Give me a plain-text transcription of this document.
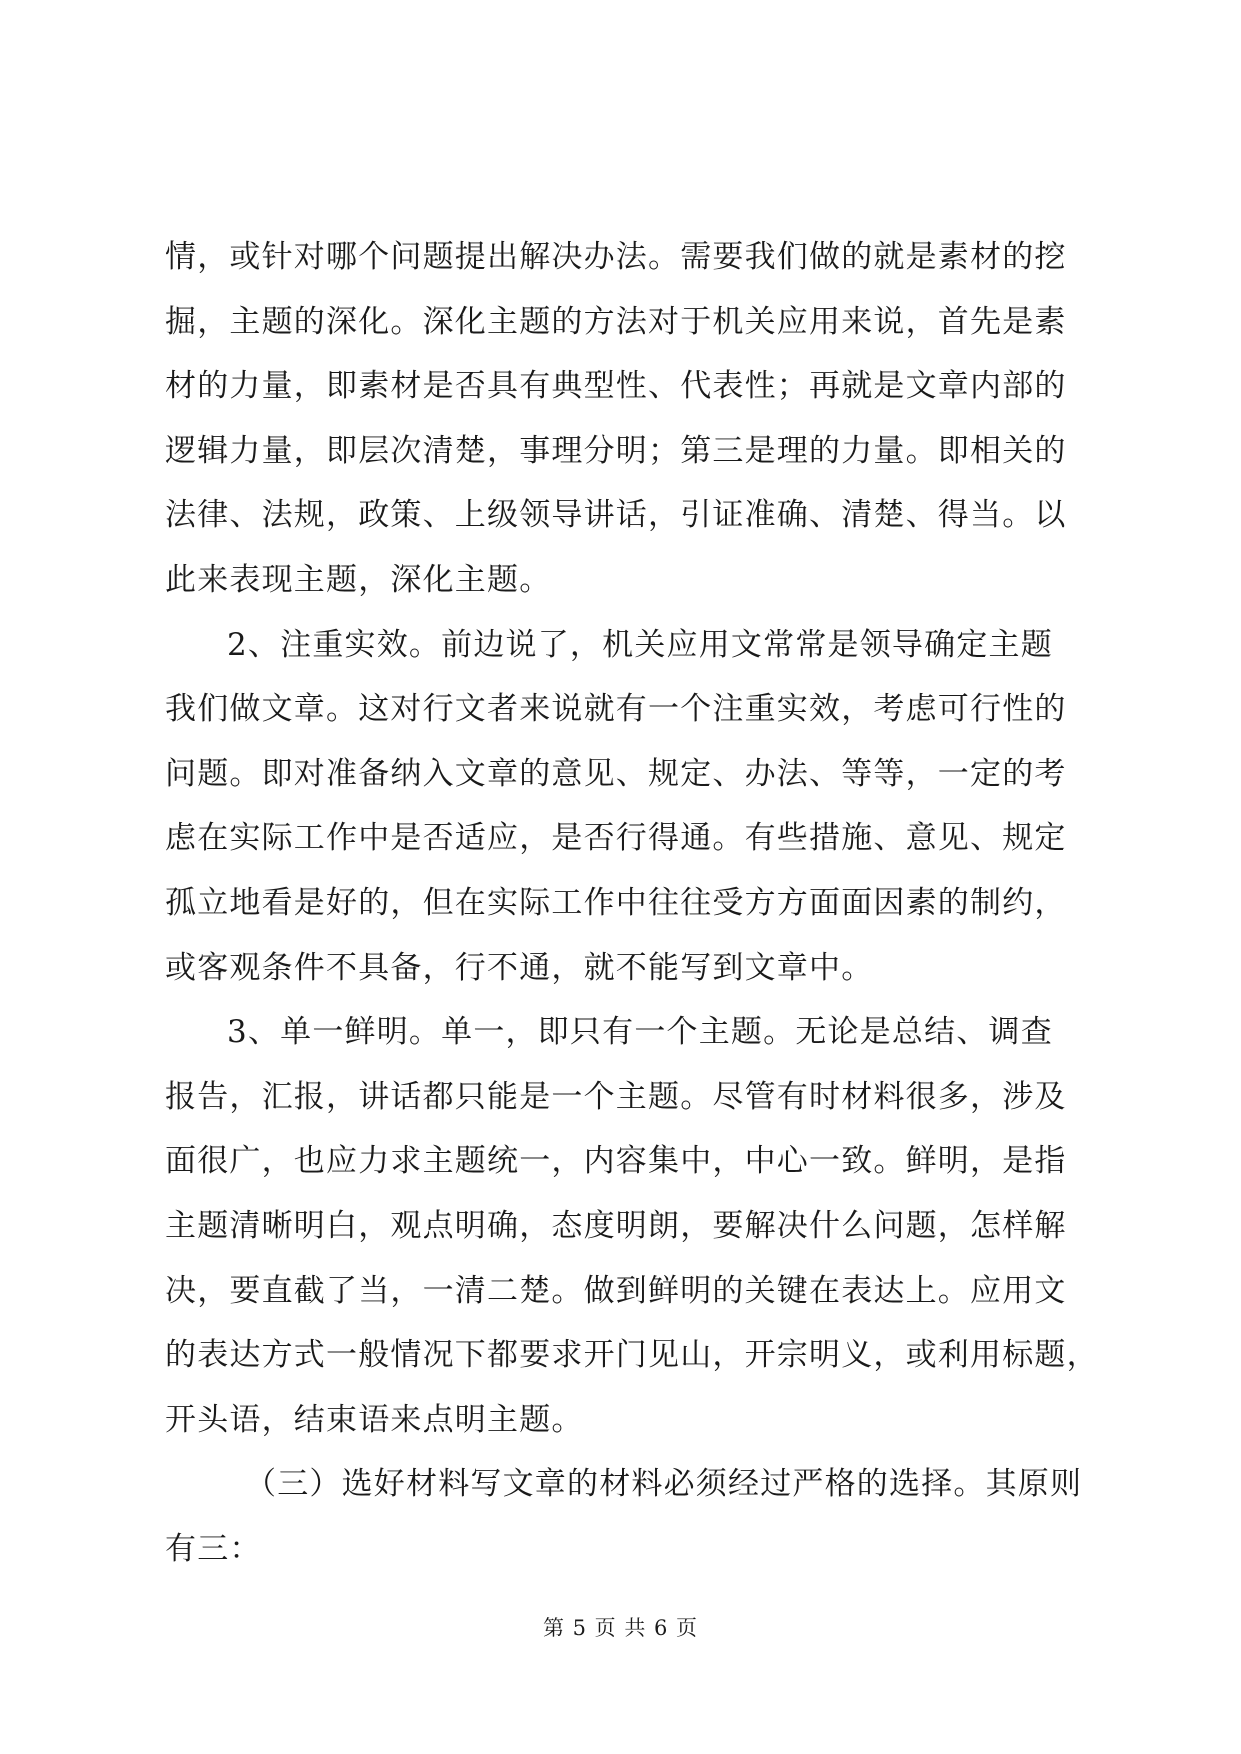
情，或针对哪个问题提出解决办法。需要我们做的就是素材的挖
掘，主题的深化。深化主题的方法对于机关应用来说，首先是素
材的力量，即素材是否具有典型性、代表性；再就是文章内部的
逻辑力量，即层次清楚，事理分明；第三是理的力量。即相关的
法律、法规，政策、上级领导讲话，引证准确、清楚、得当。以
此来表现主题，深化主题。
2、注重实效。前边说了，机关应用文常常是领导确定主题
我们做文章。这对行文者来说就有一个注重实效，考虑可行性的
问题。即对准备纳入文章的意见、规定、办法、等等，一定的考
虑在实际工作中是否适应，是否行得通。有些措施、意见、规定
孤立地看是好的，但在实际工作中往往受方方面面因素的制约，
或客观条件不具备，行不通，就不能写到文章中。
3、单一鲜明。单一，即只有一个主题。无论是总结、调查
报告，汇报，讲话都只能是一个主题。尽管有时材料很多，涉及
面很广，也应力求主题统一，内容集中，中心一致。鲜明，是指
主题清晰明白，观点明确，态度明朗，要解决什么问题，怎样解
决，要直截了当，一清二楚。做到鲜明的关键在表达上。应用文
的表达方式一般情况下都要求开门见山，开宗明义，或利用标题，
开头语，结束语来点明主题。
（三）选好材料写文章的材料必须经过严格的选择。其原则
有三：
第 5 页 共 6 页
